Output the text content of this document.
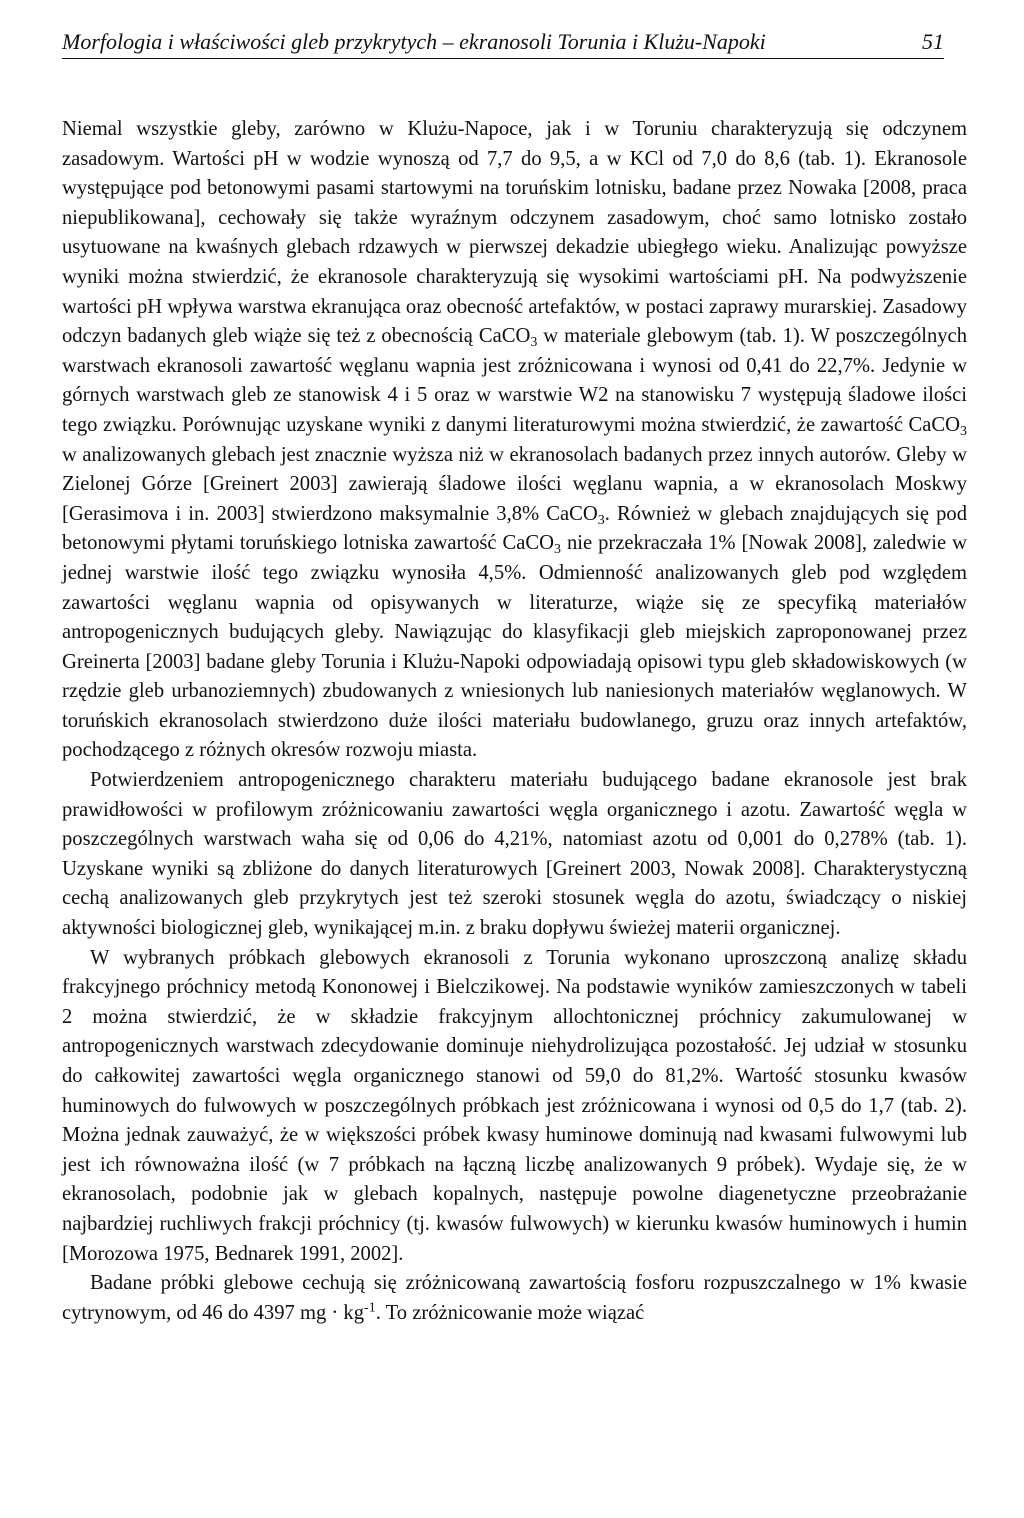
Morfologia i właściwości gleb przykrytych – ekranosoli Torunia i Klużu-Napoki	51

Niemal wszystkie gleby, zarówno w Klużu-Napoce, jak i w Toruniu charakteryzują się odczynem zasadowym. Wartości pH w wodzie wynoszą od 7,7 do 9,5, a w KCl od 7,0 do 8,6 (tab. 1). Ekranosole występujące pod betonowymi pasami startowymi na toruńskim lotnisku, badane przez Nowaka [2008, praca niepublikowana], cechowały się także wyraźnym odczynem zasadowym, choć samo lotnisko zostało usytuowane na kwaśnych glebach rdzawych w pierwszej dekadzie ubiegłego wieku. Analizując powyższe wyniki można stwierdzić, że ekranosole charakteryzują się wysokimi wartościami pH. Na podwyższenie wartości pH wpływa warstwa ekranująca oraz obecność artefaktów, w postaci zaprawy murarskiej. Zasadowy odczyn badanych gleb wiąże się też z obecnością CaCO$_3$ w materiale glebowym (tab. 1). W poszczególnych warstwach ekranosoli zawartość węglanu wapnia jest zróżnicowana i wynosi od 0,41 do 22,7%. Jedynie w górnych warstwach gleb ze stanowisk 4 i 5 oraz w warstwie W2 na stanowisku 7 występują śladowe ilości tego związku. Porównując uzyskane wyniki z danymi literaturowymi można stwierdzić, że zawartość CaCO$_3$ w analizowanych glebach jest znacznie wyższa niż w ekranosolach badanych przez innych autorów. Gleby w Zielonej Górze [Greinert 2003] zawierają śladowe ilości węglanu wapnia, a w ekranosolach Moskwy [Gerasimova i in. 2003] stwierdzono maksymalnie 3,8% CaCO$_3$. Również w glebach znajdujących się pod betonowymi płytami toruńskiego lotniska zawartość CaCO$_3$ nie przekraczała 1% [Nowak 2008], zaledwie w jednej warstwie ilość tego związku wynosiła 4,5%. Odmienność analizowanych gleb pod względem zawartości węglanu wapnia od opisywanych w literaturze, wiąże się ze specyfiką materiałów antropogenicznych budujących gleby. Nawiązując do klasyfikacji gleb miejskich zaproponowanej przez Greinerta [2003] badane gleby Torunia i Klużu-Napoki odpowiadają opisowi typu gleb składowiskowych (w rzędzie gleb urbanoziemnych) zbudowanych z wniesionych lub naniesionych materiałów węglanowych. W toruńskich ekranosolach stwierdzono duże ilości materiału budowlanego, gruzu oraz innych artefaktów, pochodzącego z różnych okresów rozwoju miasta.

Potwierdzeniem antropogenicznego charakteru materiału budującego badane ekranosole jest brak prawidłowości w profilowym zróżnicowaniu zawartości węgla organicznego i azotu. Zawartość węgla w poszczególnych warstwach waha się od 0,06 do 4,21%, natomiast azotu od 0,001 do 0,278% (tab. 1). Uzyskane wyniki są zbliżone do danych literaturowych [Greinert 2003, Nowak 2008]. Charakterystyczną cechą analizowanych gleb przykrytych jest też szeroki stosunek węgla do azotu, świadczący o niskiej aktywności biologicznej gleb, wynikającej m.in. z braku dopływu świeżej materii organicznej.

W wybranych próbkach glebowych ekranosoli z Torunia wykonano uproszczoną analizę składu frakcyjnego próchnicy metodą Kononowej i Bielczikowej. Na podstawie wyników zamieszczonych w tabeli 2 można stwierdzić, że w składzie frakcyjnym allochtonicznej próchnicy zakumulowanej w antropogenicznych warstwach zdecydowanie dominuje niehydrolizująca pozostałość. Jej udział w stosunku do całkowitej zawartości węgla organicznego stanowi od 59,0 do 81,2%. Wartość stosunku kwasów huminowych do fulwowych w poszczególnych próbkach jest zróżnicowana i wynosi od 0,5 do 1,7 (tab. 2). Można jednak zauważyć, że w większości próbek kwasy huminowe dominują nad kwasami fulwowymi lub jest ich równoważna ilość (w 7 próbkach na łączną liczbę analizowanych 9 próbek). Wydaje się, że w ekranosolach, podobnie jak w glebach kopalnych, następuje powolne diagenetyczne przeobrażanie najbardziej ruchliwych frakcji próchnicy (tj. kwasów fulwowych) w kierunku kwasów huminowych i humin [Morozowa 1975, Bednarek 1991, 2002].

Badane próbki glebowe cechują się zróżnicowaną zawartością fosforu rozpuszczalnego w 1% kwasie cytrynowym, od 46 do 4397 mg · $kg^{-1}$. To zróżnicowanie może wiązać
